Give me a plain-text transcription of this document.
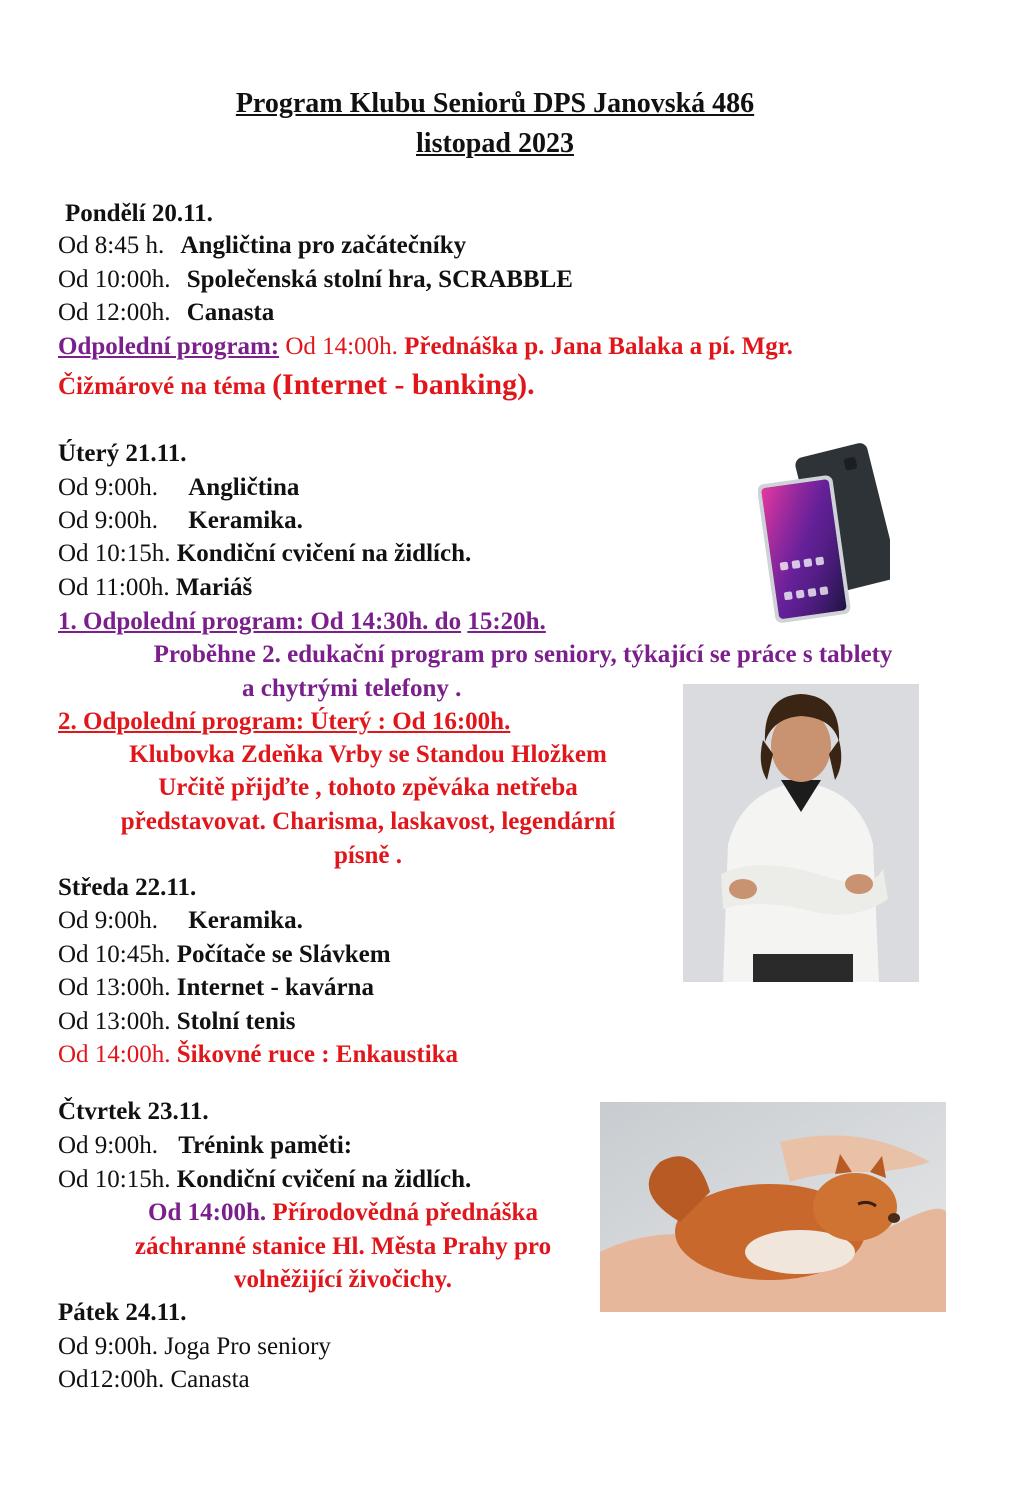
Program Klubu Seniorů DPS Janovská 486
listopad 2023
Pondělí 20.11.
Od 8:45 h. Angličtina pro začátečníky
Od 10:00h. Společenská stolní hra, SCRABBLE
Od 12:00h. Canasta
Odpolední program: Od 14:00h. Přednáška p. Jana Balaka a pí. Mgr.
Čižmárové na téma (Internet - banking).
Úterý 21.11.
Od 9:00h. Angličtina
Od 9:00h. Keramika.
Od 10:15h. Kondiční cvičení na židlích.
Od 11:00h. Mariáš
1. Odpolední program: Od 14:30h. do 15:20h.
Proběhne 2. edukační program pro seniory, týkající se práce s tablety
a chytrými telefony .
2. Odpolední program: Úterý : Od 16:00h.
Klubovka Zdeňka Vrby se Standou Hložkem
Určitě přijďte , tohoto zpěváka netřeba
představovat. Charisma, laskavost, legendární
písně .
Středa 22.11.
Od 9:00h. Keramika.
Od 10:45h. Počítače se Slávkem
Od 13:00h. Internet - kavárna
Od 13:00h. Stolní tenis
Od 14:00h. Šikovné ruce : Enkaustika
Čtvrtek 23.11.
Od 9:00h. Trénink paměti:
Od 10:15h. Kondiční cvičení na židlích.
Od 14:00h. Přírodovědná přednáška
záchranné stanice Hl. Města Prahy pro
volněžijící živočichy.
Pátek 24.11.
Od 9:00h. Joga Pro seniory
Od12:00h. Canasta
